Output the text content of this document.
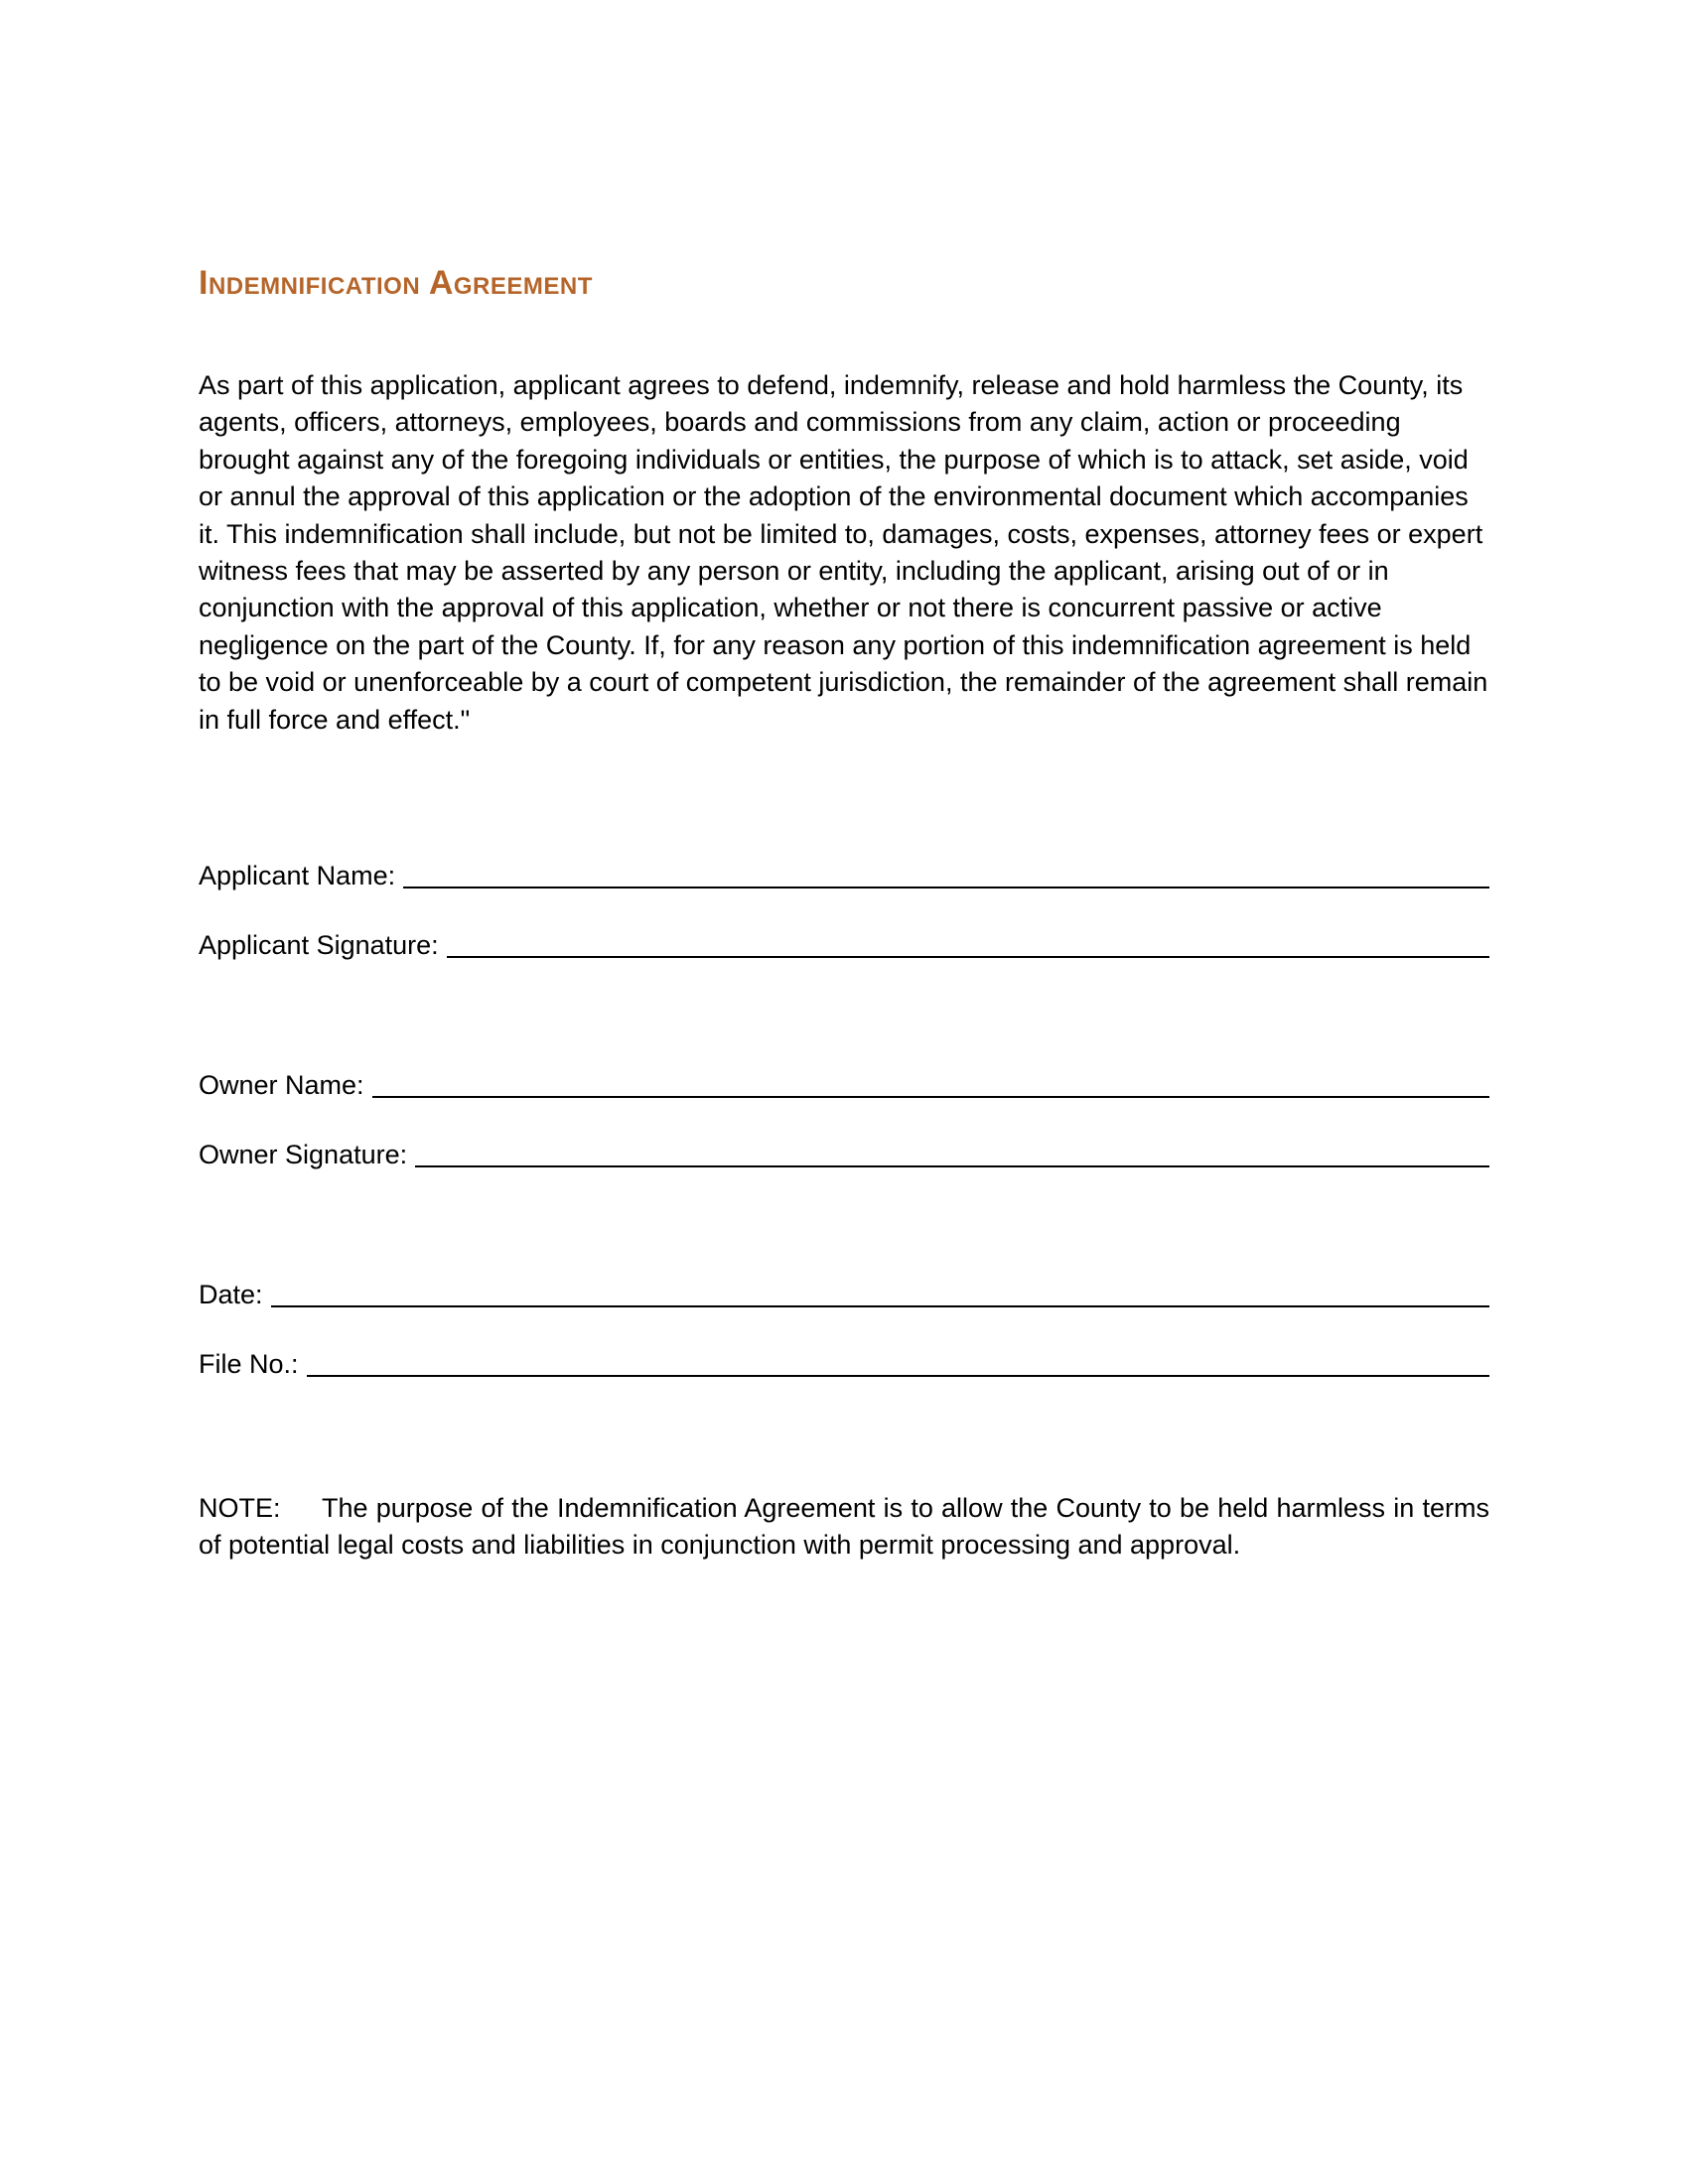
Indemnification Agreement

As part of this application, applicant agrees to defend, indemnify, release and hold harmless the County, its agents, officers, attorneys, employees, boards and commissions from any claim, action or proceeding brought against any of the foregoing individuals or entities, the purpose of which is to attack, set aside, void or annul the approval of this application or the adoption of the environmental document which accompanies it. This indemnification shall include, but not be limited to, damages, costs, expenses, attorney fees or expert witness fees that may be asserted by any person or entity, including the applicant, arising out of or in conjunction with the approval of this application, whether or not there is concurrent passive or active negligence on the part of the County. If, for any reason any portion of this indemnification agreement is held to be void or unenforceable by a court of competent jurisdiction, the remainder of the agreement shall remain in full force and effect."

Applicant Name:
Applicant Signature:
Owner Name:
Owner Signature:
Date:
File No.:

NOTE: The purpose of the Indemnification Agreement is to allow the County to be held harmless in terms of potential legal costs and liabilities in conjunction with permit processing and approval.
